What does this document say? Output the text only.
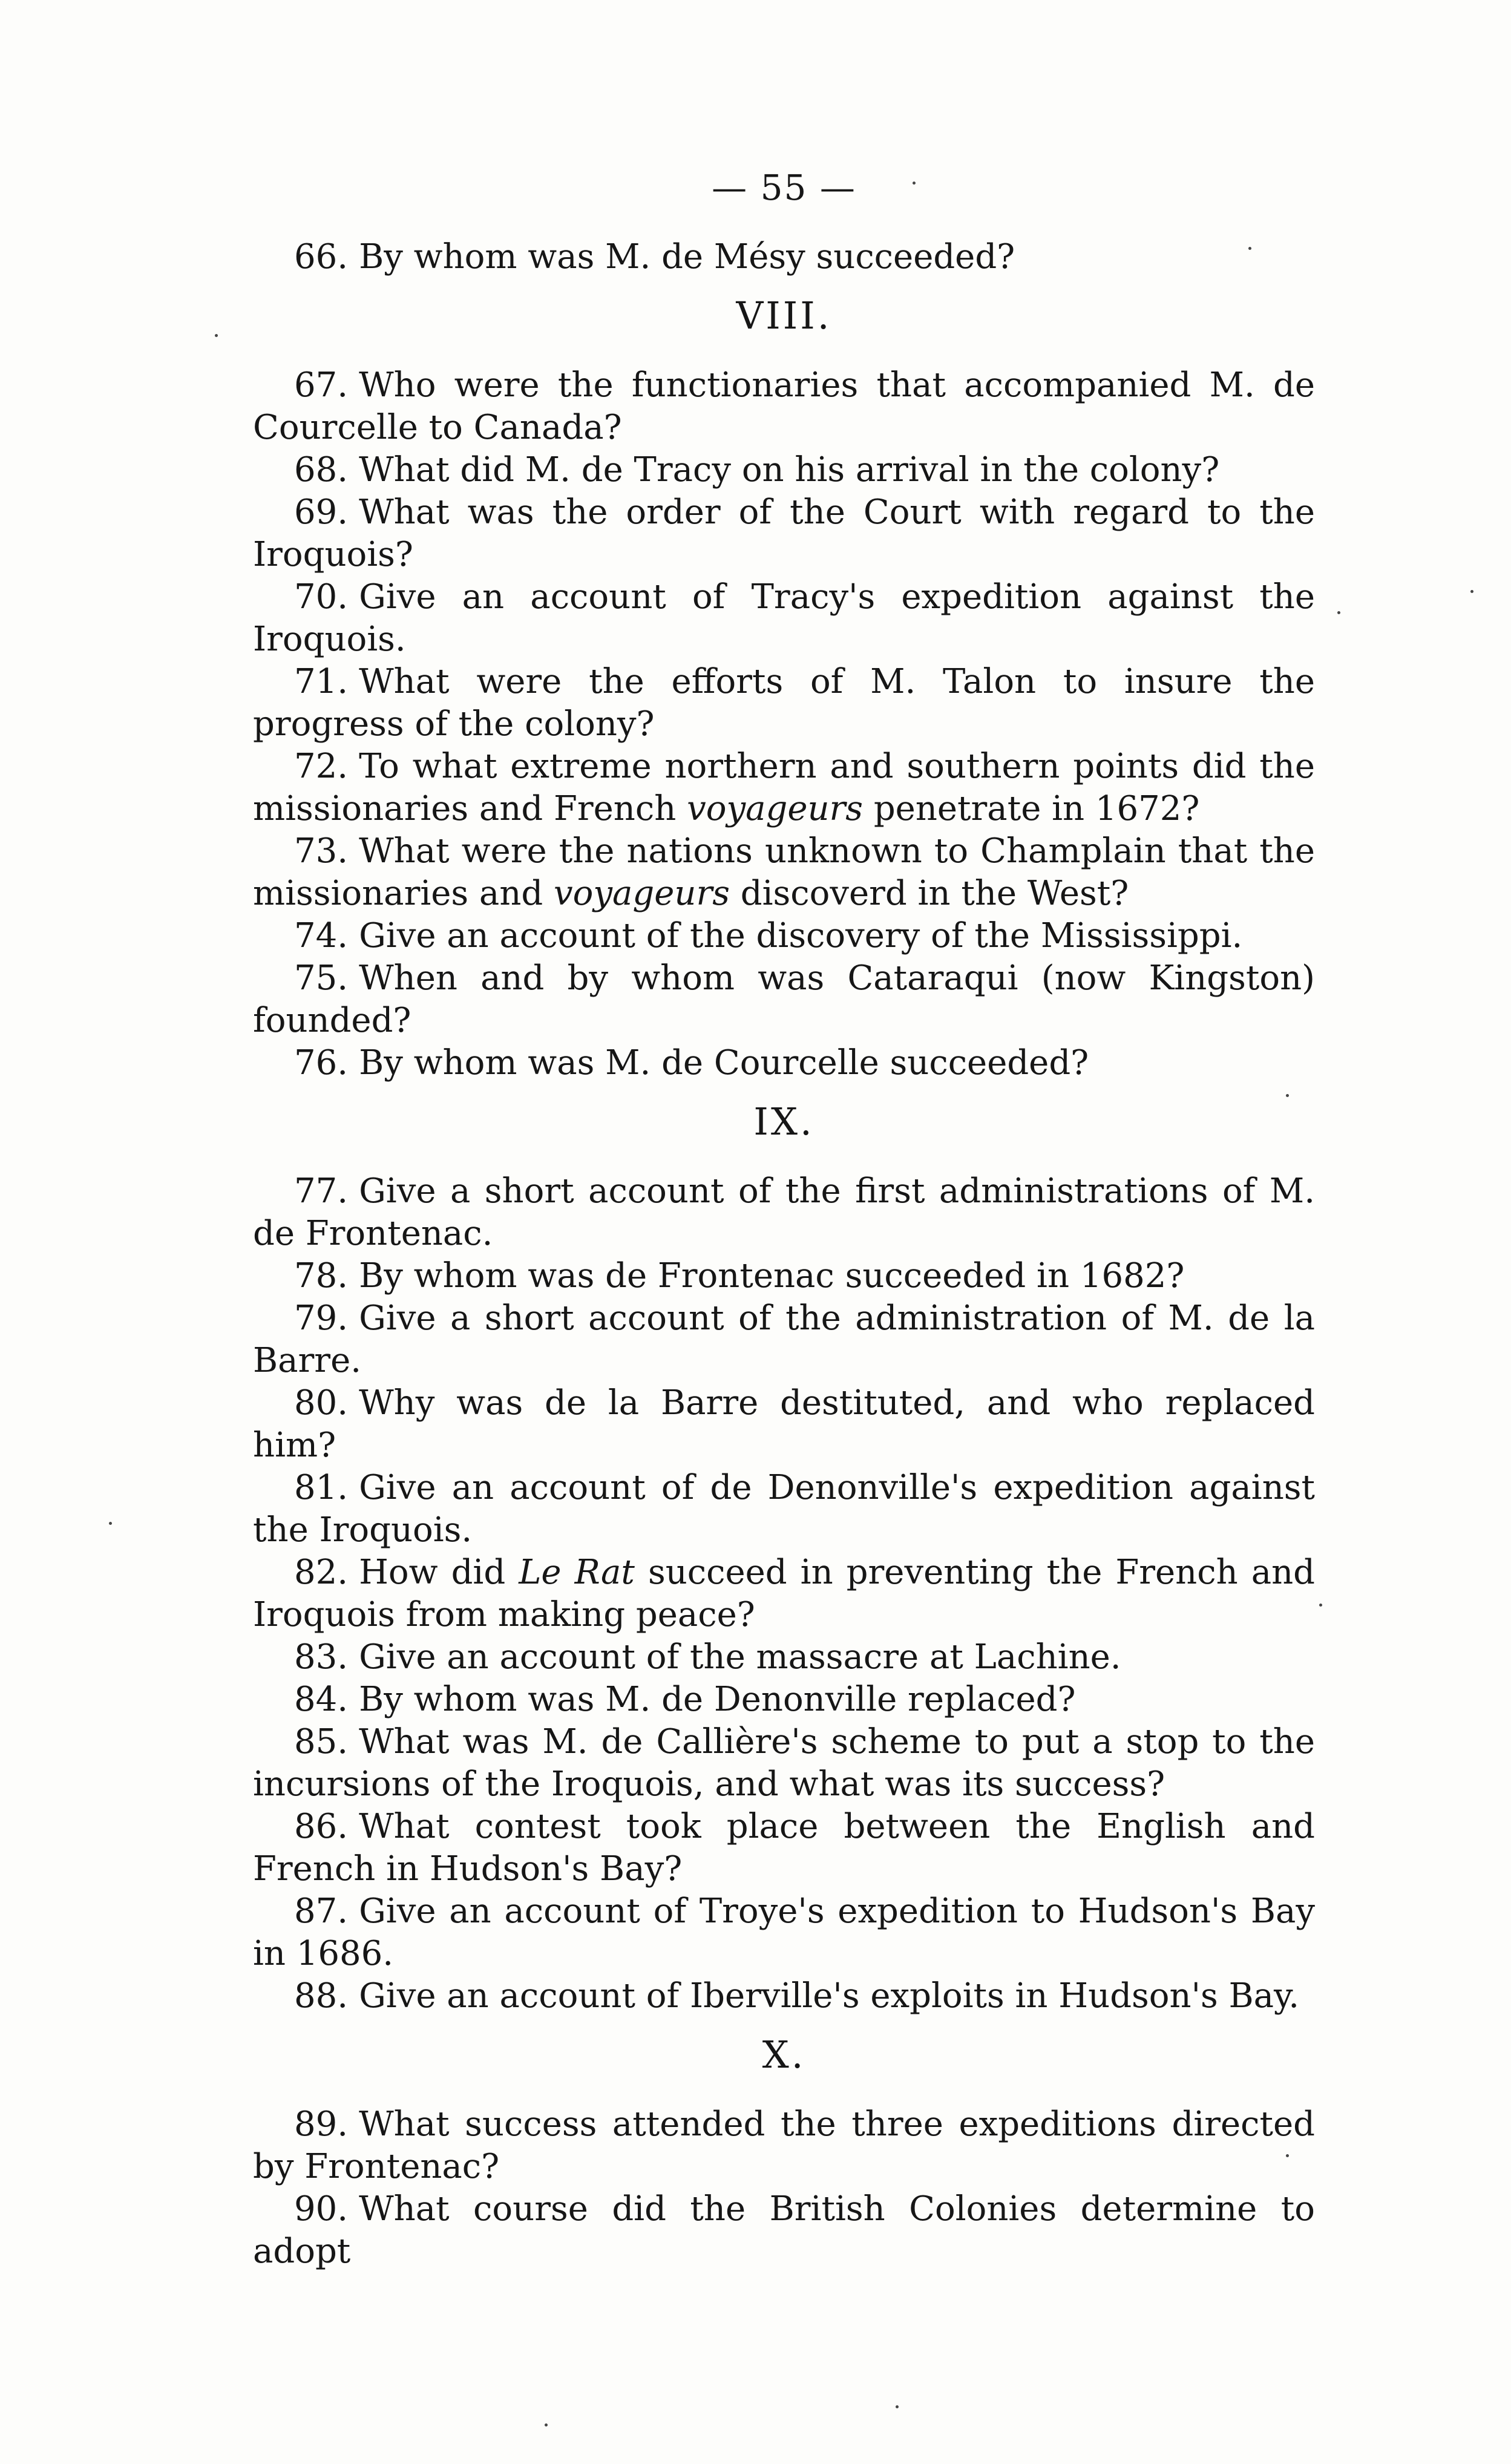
— 55 —

66. By whom was M. de Mésy succeeded?

VIII.

67. Who were the functionaries that accompanied M. de Courcelle to Canada?

68. What did M. de Tracy on his arrival in the colony?

69. What was the order of the Court with regard to the Iroquois?

70. Give an account of Tracy's expedition against the Iroquois.

71. What were the efforts of M. Talon to insure the progress of the colony?

72. To what extreme northern and southern points did the missionaries and French voyageurs penetrate in 1672?

73. What were the nations unknown to Champlain that the missionaries and voyageurs discoverd in the West?

74. Give an account of the discovery of the Mississippi.

75. When and by whom was Cataraqui (now Kingston) founded?

76. By whom was M. de Courcelle succeeded?

IX.

77. Give a short account of the first administrations of M. de Frontenac.

78. By whom was de Frontenac succeeded in 1682?

79. Give a short account of the administration of M. de la Barre.

80. Why was de la Barre destituted, and who replaced him?

81. Give an account of de Denonville's expedition against the Iroquois.

82. How did Le Rat succeed in preventing the French and Iroquois from making peace?

83. Give an account of the massacre at Lachine.

84. By whom was M. de Denonville replaced?

85. What was M. de Callière's scheme to put a stop to the incursions of the Iroquois, and what was its success?

86. What contest took place between the English and French in Hudson's Bay?

87. Give an account of Troye's expedition to Hudson's Bay in 1686.

88. Give an account of Iberville's exploits in Hudson's Bay.

X.

89. What success attended the three expeditions directed by Frontenac?

90. What course did the British Colonies determine to adopt
